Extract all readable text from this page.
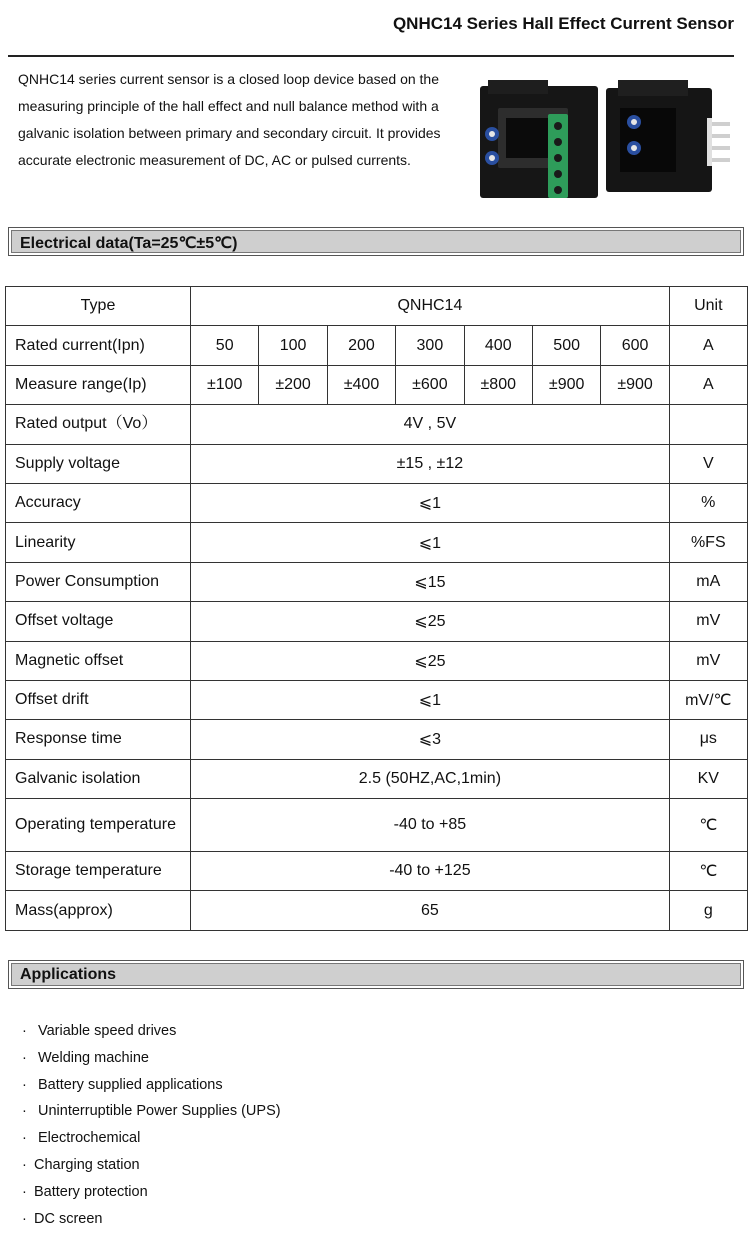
QNHC14 Series Hall Effect Current Sensor
QNHC14 series current sensor is a closed loop device based on the measuring principle of the hall effect and null balance method with a galvanic isolation between primary and secondary circuit. It provides accurate electronic measurement of DC, AC or pulsed currents.
Electrical data(Ta=25℃±5℃)
Type	QNHC14							Unit
Rated current(Ipn)	50	100	200	300	400	500	600	A
Measure range(Ip)	±100	±200	±400	±600	±800	±900	±900	A
Rated output（Vo）	4V , 5V							
Supply voltage	±15 , ±12							V
Accuracy	⩽1							%
Linearity	⩽1							%FS
Power Consumption	⩽15							mA
Offset voltage	⩽25							mV
Magnetic offset	⩽25							mV
Offset drift	⩽1							mV/℃
Response time	⩽3							μs
Galvanic isolation	2.5 (50HZ,AC,1min)							KV
Operating temperature	-40 to +85							℃
Storage temperature	-40 to +125							℃
Mass(approx)	65							g
Applications
· Variable speed drives
· Welding machine
· Battery supplied applications
· Uninterruptible Power Supplies (UPS)
· Electrochemical
· Charging station
· Battery protection
· DC screen
